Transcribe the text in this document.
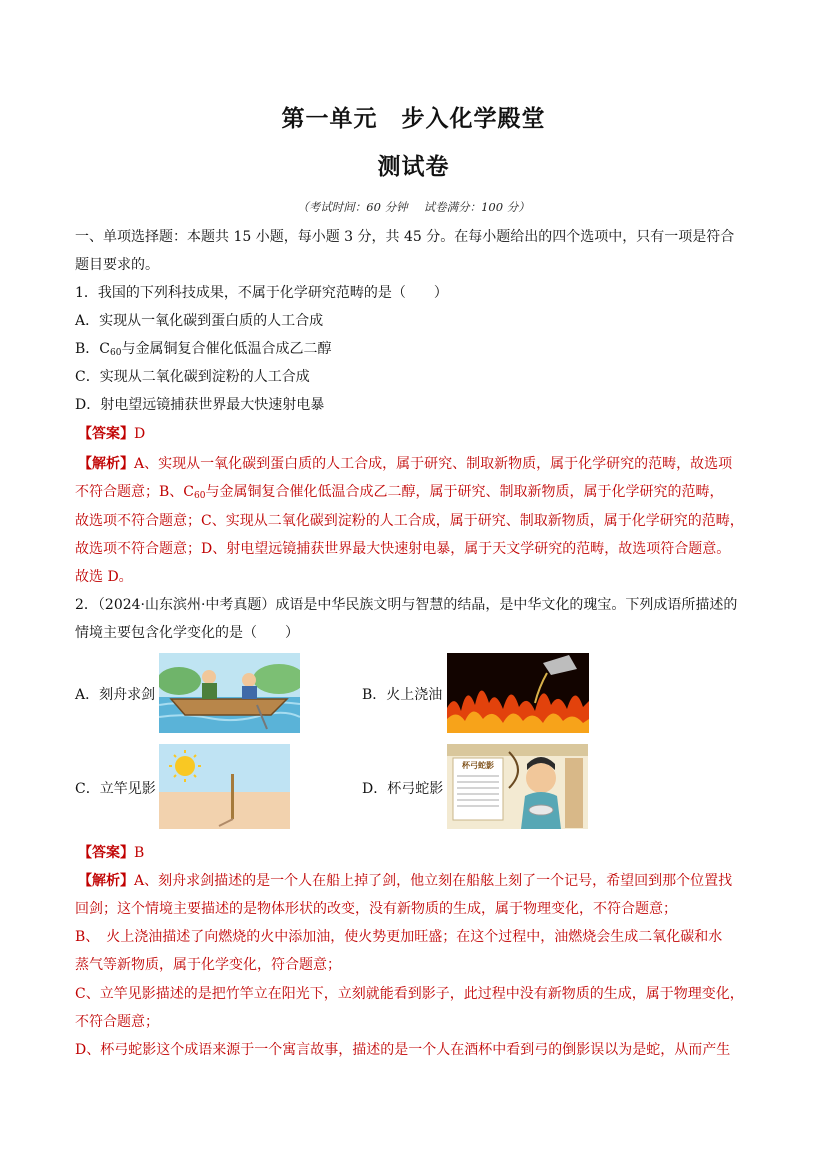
第一单元 步入化学殿堂
测试卷
（考试时间：60 分钟 试卷满分：100 分）
一、单项选择题：本题共 15 小题，每小题 3 分，共 45 分。在每小题给出的四个选项中，只有一项是符合
题目要求的。
1．我国的下列科技成果，不属于化学研究范畴的是（　　）
A．实现从一氧化碳到蛋白质的人工合成
B．$C_{60}$与金属铜复合催化低温合成乙二醇
C．实现从二氧化碳到淀粉的人工合成
D．射电望远镜捕获世界最大快速射电暴
【答案】D
【解析】A、实现从一氧化碳到蛋白质的人工合成，属于研究、制取新物质，属于化学研究的范畴，故选项
不符合题意；B、$C_{60}$与金属铜复合催化低温合成乙二醇，属于研究、制取新物质，属于化学研究的范畴，
故选项不符合题意；C、实现从二氧化碳到淀粉的人工合成，属于研究、制取新物质，属于化学研究的范畴，
故选项不符合题意；D、射电望远镜捕获世界最大快速射电暴，属于天文学研究的范畴，故选项符合题意。
故选 D。
2．（2024·山东滨州·中考真题）成语是中华民族文明与智慧的结晶，是中华文化的瑰宝。下列成语所描述的
情境主要包含化学变化的是（　　）
A．刻舟求剑	B．火上浇油
C．立竿见影	D．杯弓蛇影
杯弓蛇影
【答案】B
【解析】A、刻舟求剑描述的是一个人在船上掉了剑，他立刻在船舷上刻了一个记号，希望回到那个位置找
回剑；这个情境主要描述的是物体形状的改变，没有新物质的生成，属于物理变化，不符合题意；
B、　火上浇油描述了向燃烧的火中添加油，使火势更加旺盛；在这个过程中，油燃烧会生成二氧化碳和水
蒸气等新物质，属于化学变化，符合题意；
C、立竿见影描述的是把竹竿立在阳光下，立刻就能看到影子，此过程中没有新物质的生成，属于物理变化，
不符合题意；
D、杯弓蛇影这个成语来源于一个寓言故事，描述的是一个人在酒杯中看到弓的倒影误以为是蛇，从而产生
